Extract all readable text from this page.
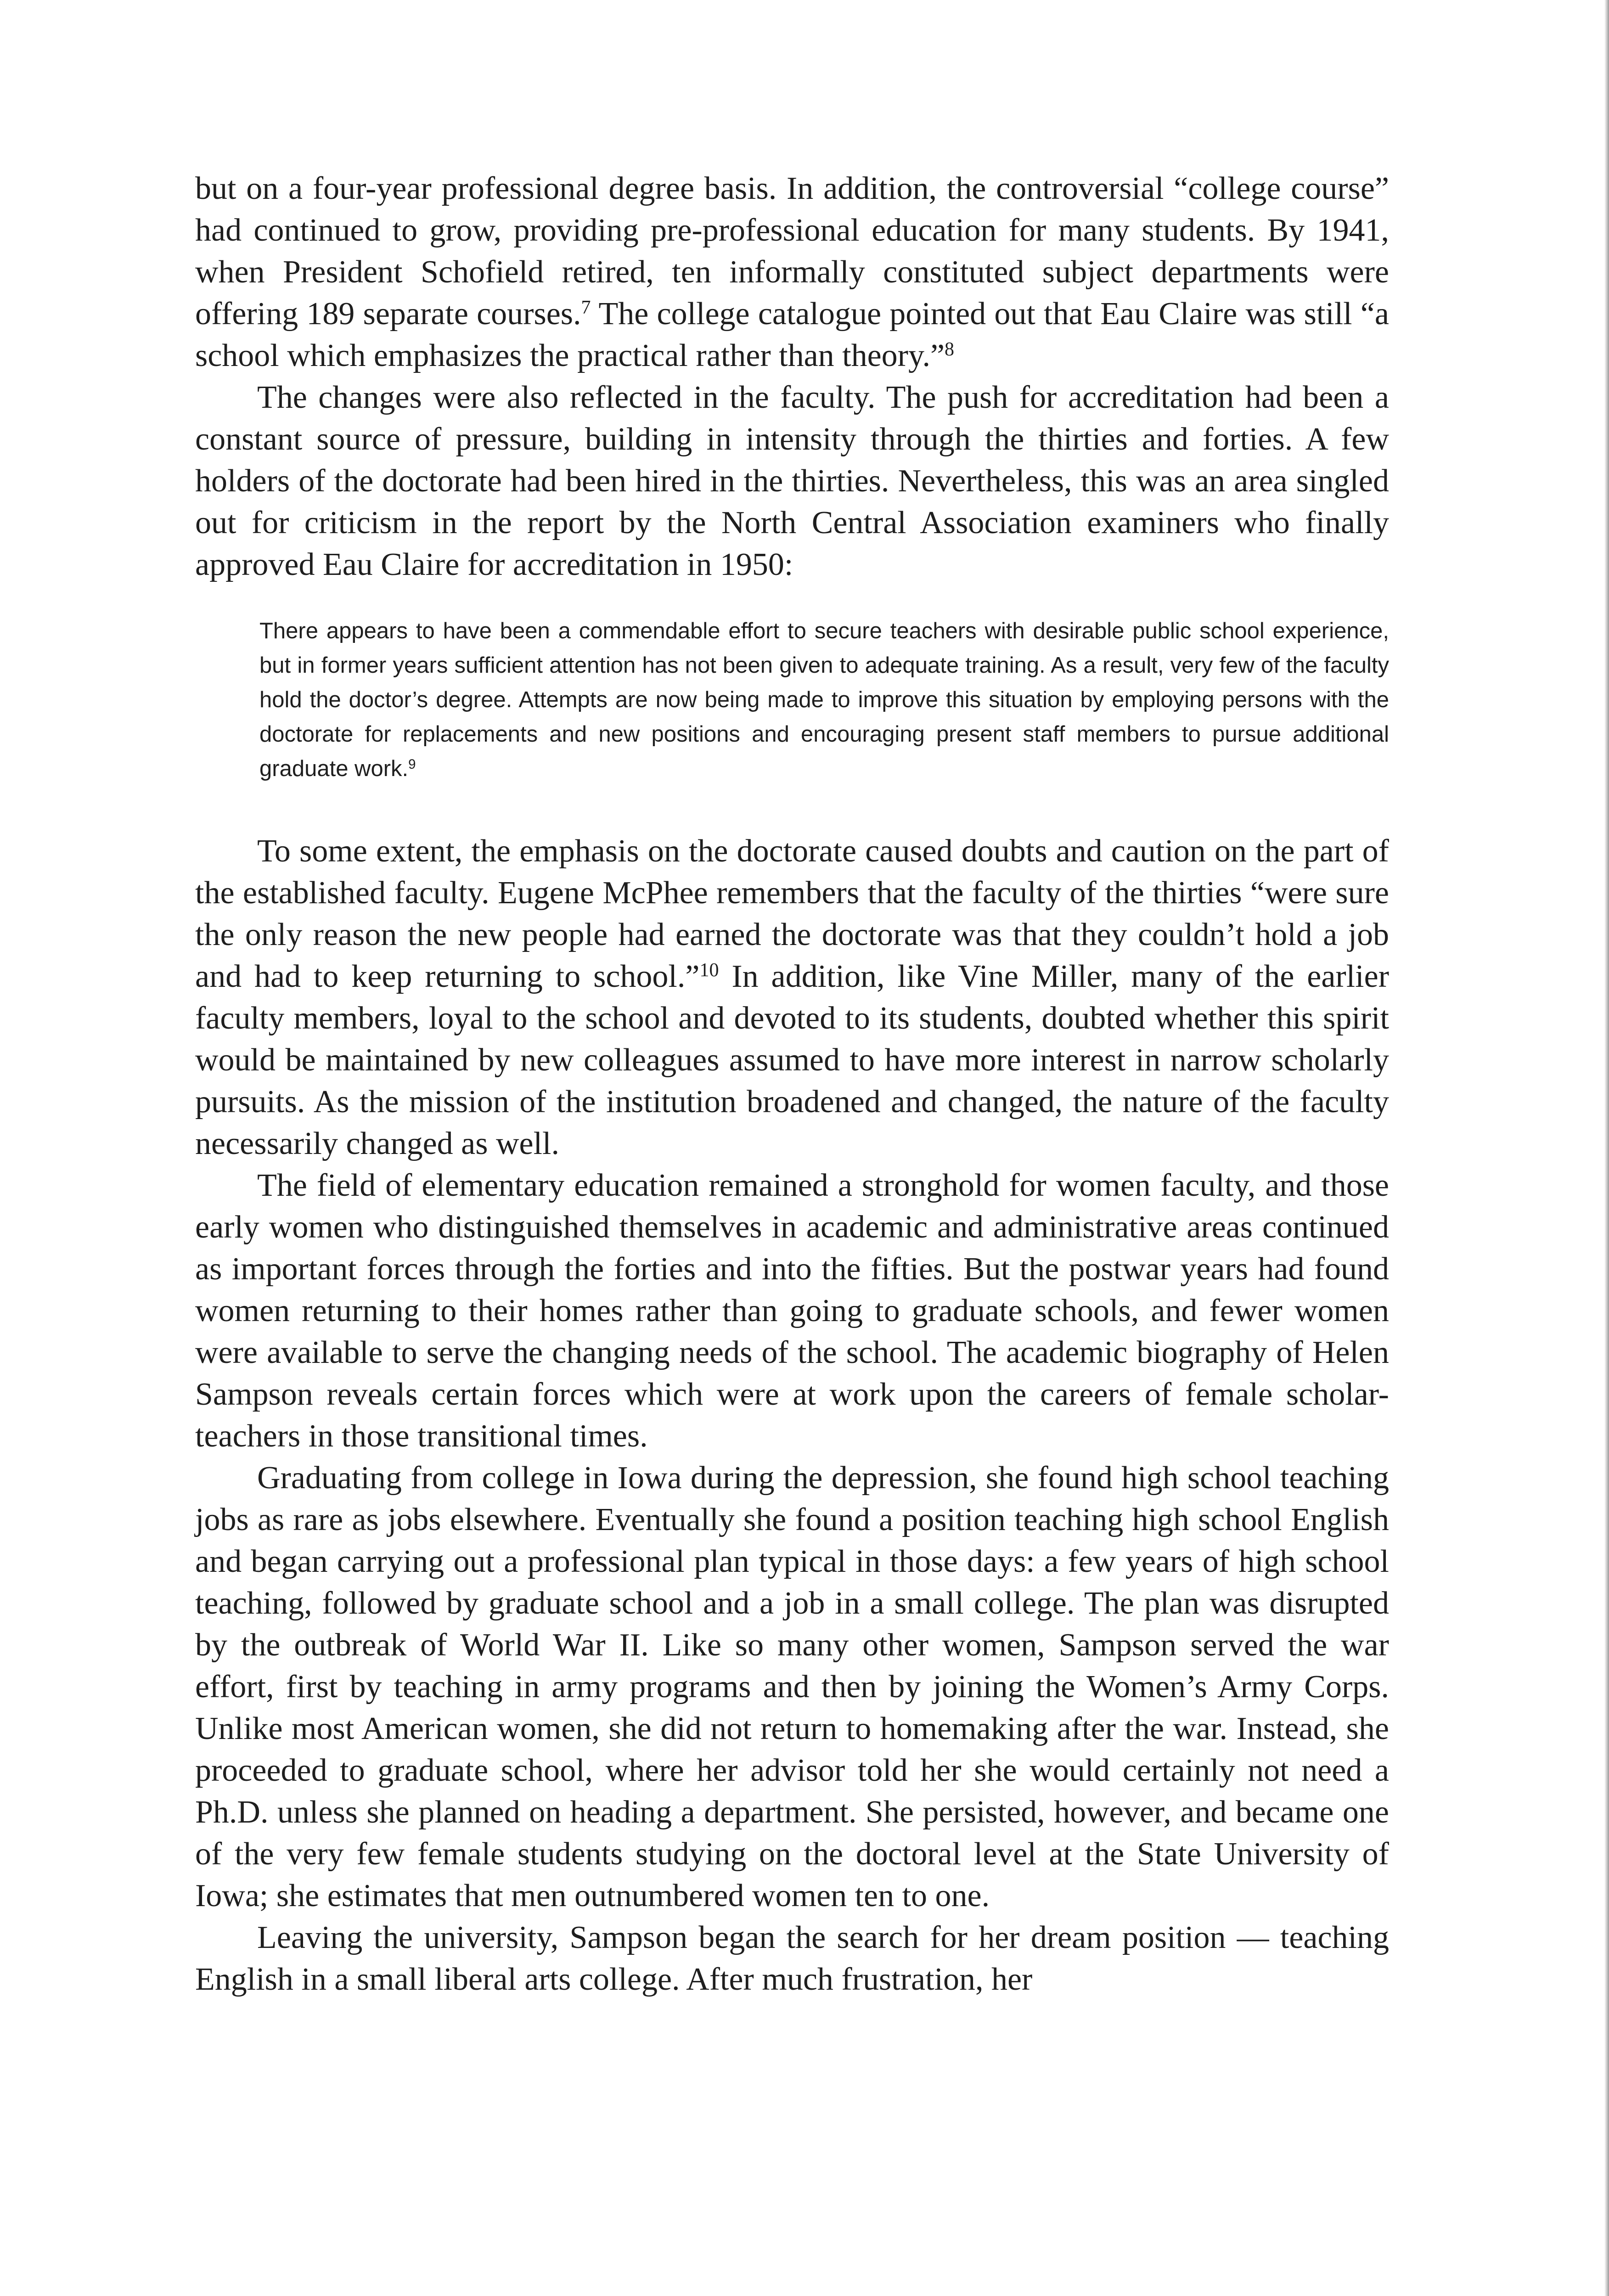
but on a four-year professional degree basis. In addition, the controversial “college course” had continued to grow, providing pre-professional education for many students. By 1941, when President Schofield retired, ten informally constituted subject departments were offering 189 separate courses.$^7$ The college catalogue pointed out that Eau Claire was still “a school which emphasizes the practical rather than theory.”$^8$

The changes were also reflected in the faculty. The push for accreditation had been a constant source of pressure, building in intensity through the thirties and forties. A few holders of the doctorate had been hired in the thirties. Nevertheless, this was an area singled out for criticism in the report by the North Central Association examiners who finally approved Eau Claire for accreditation in 1950:

There appears to have been a commendable effort to secure teachers with desirable public school experience, but in former years sufficient attention has not been given to adequate training. As a result, very few of the faculty hold the doctor’s degree. Attempts are now being made to improve this situation by employing persons with the doctorate for replacements and new positions and encouraging present staff members to pursue additional graduate work.$^9$

To some extent, the emphasis on the doctorate caused doubts and caution on the part of the established faculty. Eugene McPhee remembers that the faculty of the thirties “were sure the only reason the new people had earned the doctorate was that they couldn’t hold a job and had to keep returning to school.”$^{10}$ In addition, like Vine Miller, many of the earlier faculty members, loyal to the school and devoted to its students, doubted whether this spirit would be maintained by new colleagues assumed to have more interest in narrow scholarly pursuits. As the mission of the institution broadened and changed, the nature of the faculty necessarily changed as well.

The field of elementary education remained a stronghold for women faculty, and those early women who distinguished themselves in academic and administrative areas continued as important forces through the forties and into the fifties. But the postwar years had found women returning to their homes rather than going to graduate schools, and fewer women were available to serve the changing needs of the school. The academic biography of Helen Sampson reveals certain forces which were at work upon the careers of female scholar-teachers in those transitional times.

Graduating from college in Iowa during the depression, she found high school teaching jobs as rare as jobs elsewhere. Eventually she found a position teaching high school English and began carrying out a professional plan typical in those days: a few years of high school teaching, followed by graduate school and a job in a small college. The plan was disrupted by the outbreak of World War II. Like so many other women, Sampson served the war effort, first by teaching in army programs and then by joining the Women’s Army Corps. Unlike most American women, she did not return to homemaking after the war. Instead, she proceeded to graduate school, where her advisor told her she would certainly not need a Ph.D. unless she planned on heading a department. She persisted, however, and became one of the very few female students studying on the doctoral level at the State University of Iowa; she estimates that men outnumbered women ten to one.

Leaving the university, Sampson began the search for her dream position — teaching English in a small liberal arts college. After much frustration, her
